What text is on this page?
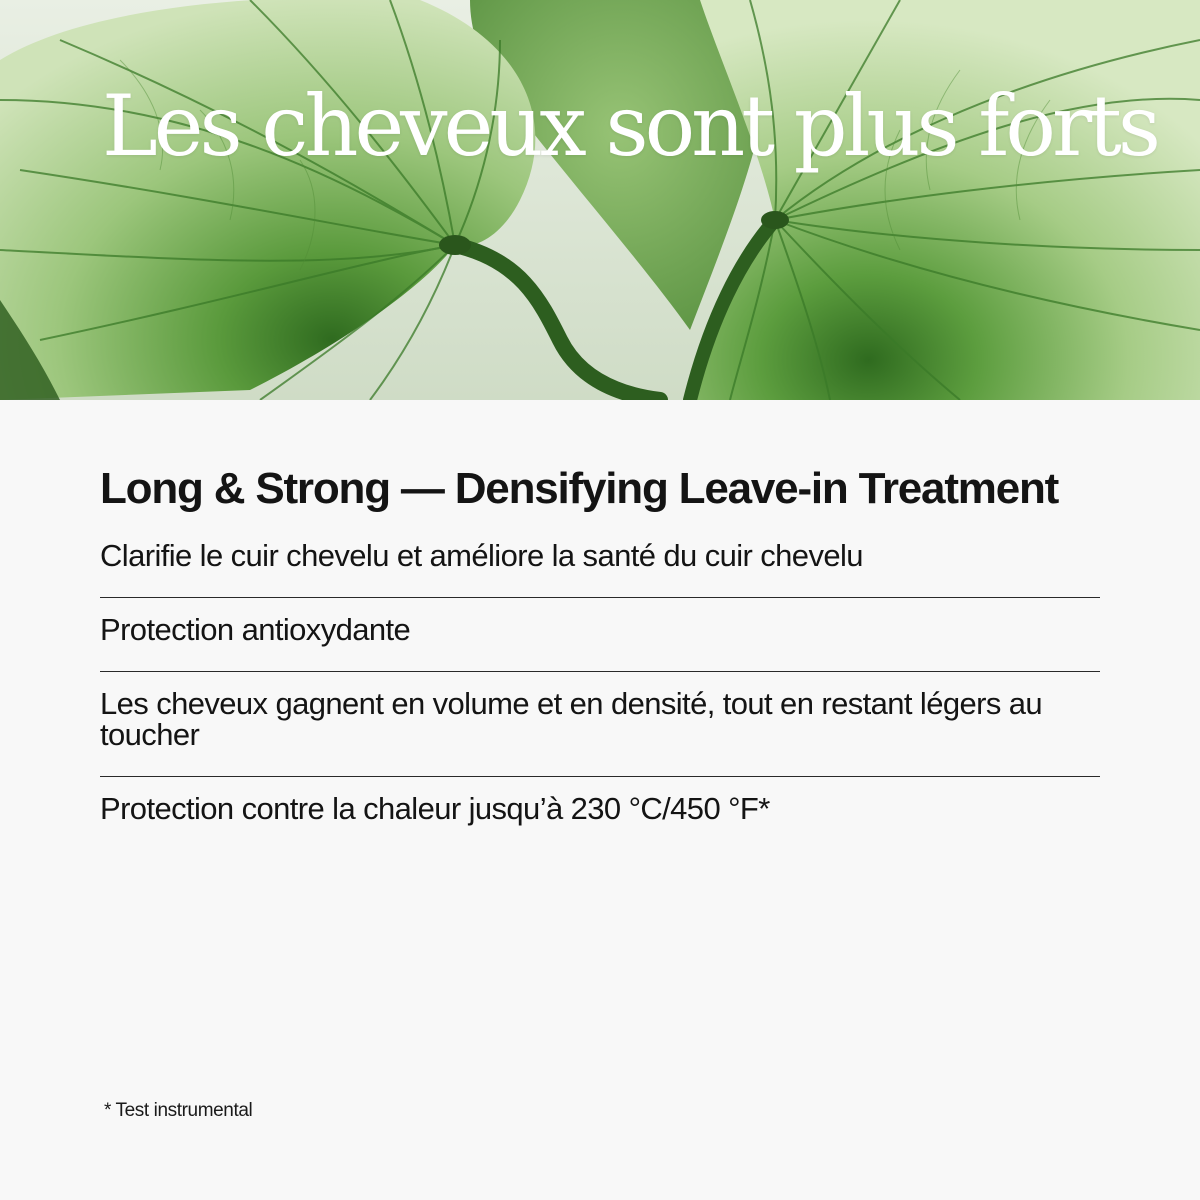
Les cheveux sont plus forts
Long & Strong — Densifying Leave-in Treatment
Clarifie le cuir chevelu et améliore la santé du cuir chevelu
Protection antioxydante
Les cheveux gagnent en volume et en densité, tout en restant légers au toucher
Protection contre la chaleur jusqu’à 230 °C/450 °F*

* Test instrumental
